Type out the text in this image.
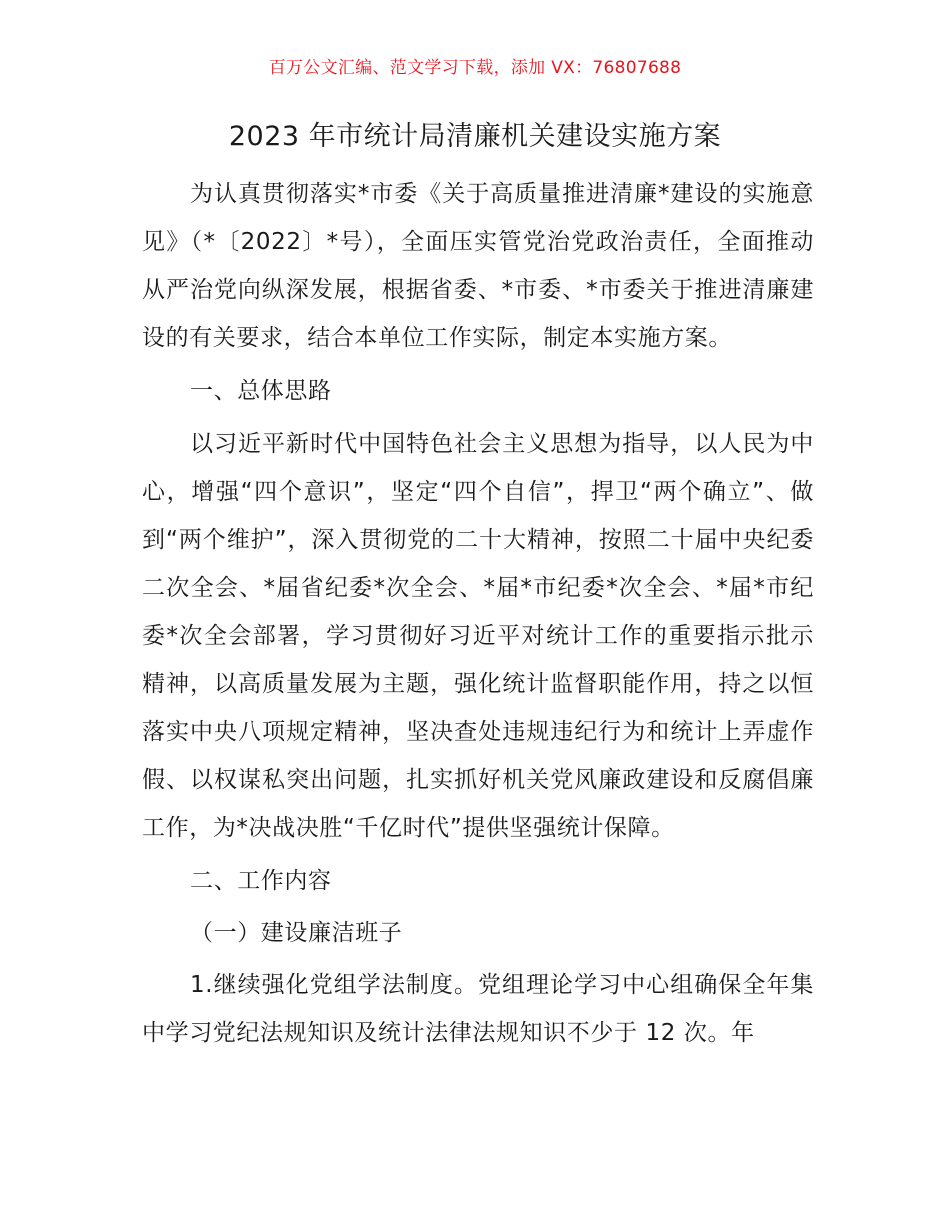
百万公文汇编、范文学习下载，添加 VX：76807688
2023 年市统计局清廉机关建设实施方案

为认真贯彻落实*市委《关于高质量推进清廉*建设的实施意见》（*〔2022〕*号），全面压实管党治党政治责任，全面推动从严治党向纵深发展，根据省委、*市委、*市委关于推进清廉建设的有关要求，结合本单位工作实际，制定本实施方案。

一、总体思路

以习近平新时代中国特色社会主义思想为指导，以人民为中心，增强“四个意识”，坚定“四个自信”，捍卫“两个确立”、做到“两个维护”，深入贯彻党的二十大精神，按照二十届中央纪委二次全会、*届省纪委*次全会、*届*市纪委*次全会、*届*市纪委*次全会部署，学习贯彻好习近平对统计工作的重要指示批示精神，以高质量发展为主题，强化统计监督职能作用，持之以恒落实中央八项规定精神，坚决查处违规违纪行为和统计上弄虚作假、以权谋私突出问题，扎实抓好机关党风廉政建设和反腐倡廉工作，为*决战决胜“千亿时代”提供坚强统计保障。

二、工作内容

（一）建设廉洁班子

1.继续强化党组学法制度。党组理论学习中心组确保全年集中学习党纪法规知识及统计法律法规知识不少于 12 次。年
